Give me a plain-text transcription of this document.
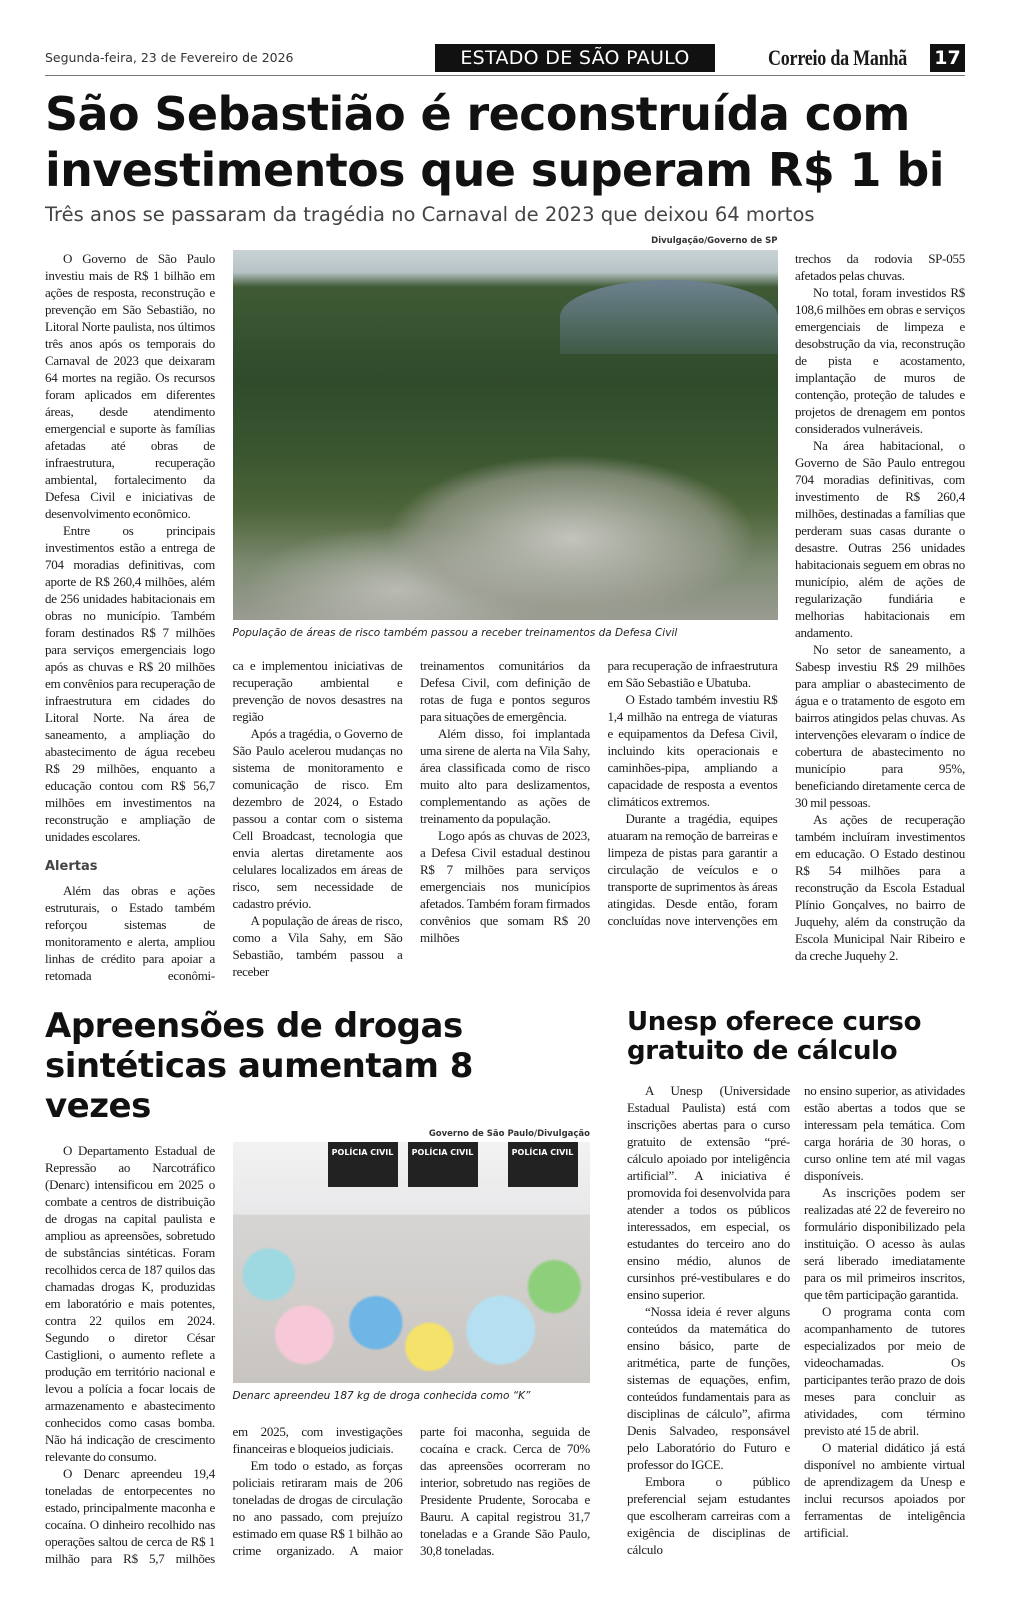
Segunda-feira, 23 de Fevereiro de 2026	ESTADO DE SÃO PAULO	Correio da Manhã 17
São Sebastião é reconstruída com investimentos que superam R$ 1 bi
Três anos se passaram da tragédia no Carnaval de 2023 que deixou 64 mortos

O Governo de São Paulo investiu mais de R$ 1 bilhão em ações de resposta, reconstrução e prevenção em São Sebastião, no Litoral Norte paulista, nos últimos três anos após os temporais do Carnaval de 2023 que deixaram 64 mortes na região. Os recursos foram aplicados em diferentes áreas, desde atendimento emergencial e suporte às famílias afetadas até obras de infraestrutura, recuperação ambiental, fortalecimento da Defesa Civil e iniciativas de desenvolvimento econômico.

Entre os principais investimentos estão a entrega de 704 moradias definitivas, com aporte de R$ 260,4 milhões, além de 256 unidades habitacionais em obras no município. Também foram destinados R$ 7 milhões para serviços emergenciais logo após as chuvas e R$ 20 milhões em convênios para recuperação de infraestrutura em cidades do Litoral Norte. Na área de saneamento, a ampliação do abastecimento de água recebeu R$ 29 milhões, enquanto a educação contou com R$ 56,7 milhões em investimentos na reconstrução e ampliação de unidades escolares.

Alertas

Além das obras e ações estruturais, o Estado também reforçou sistemas de monitoramento e alerta, ampliou linhas de crédito para apoiar a retomada econômi-

Divulgação/Governo de SP
População de áreas de risco também passou a receber treinamentos da Defesa Civil

ca e implementou iniciativas de recuperação ambiental e prevenção de novos desastres na região

Após a tragédia, o Governo de São Paulo acelerou mudanças no sistema de monitoramento e comunicação de risco. Em dezembro de 2024, o Estado passou a contar com o sistema Cell Broadcast, tecnologia que envia alertas diretamente aos celulares localizados em áreas de risco, sem necessidade de cadastro prévio.

A população de áreas de risco, como a Vila Sahy, em São Sebastião, também passou a receber

treinamentos comunitários da Defesa Civil, com definição de rotas de fuga e pontos seguros para situações de emergência.

Além disso, foi implantada uma sirene de alerta na Vila Sahy, área classificada como de risco muito alto para deslizamentos, complementando as ações de treinamento da população.

Logo após as chuvas de 2023, a Defesa Civil estadual destinou R$ 7 milhões para serviços emergenciais nos municípios afetados. Também foram firmados convênios que somam R$ 20 milhões

para recuperação de infraestrutura em São Sebastião e Ubatuba.

O Estado também investiu R$ 1,4 milhão na entrega de viaturas e equipamentos da Defesa Civil, incluindo kits operacionais e caminhões-pipa, ampliando a capacidade de resposta a eventos climáticos extremos.

Durante a tragédia, equipes atuaram na remoção de barreiras e limpeza de pistas para garantir a circulação de veículos e o transporte de suprimentos às áreas atingidas. Desde então, foram concluídas nove intervenções em

trechos da rodovia SP-055 afetados pelas chuvas.

No total, foram investidos R$ 108,6 milhões em obras e serviços emergenciais de limpeza e desobstrução da via, reconstrução de pista e acostamento, implantação de muros de contenção, proteção de taludes e projetos de drenagem em pontos considerados vulneráveis.

Na área habitacional, o Governo de São Paulo entregou 704 moradias definitivas, com investimento de R$ 260,4 milhões, destinadas a famílias que perderam suas casas durante o desastre. Outras 256 unidades habitacionais seguem em obras no município, além de ações de regularização fundiária e melhorias habitacionais em andamento.

No setor de saneamento, a Sabesp investiu R$ 29 milhões para ampliar o abastecimento de água e o tratamento de esgoto em bairros atingidos pelas chuvas. As intervenções elevaram o índice de cobertura de abastecimento no município para 95%, beneficiando diretamente cerca de 30 mil pessoas.

As ações de recuperação também incluíram investimentos em educação. O Estado destinou R$ 54 milhões para a reconstrução da Escola Estadual Plínio Gonçalves, no bairro de Juquehy, além da construção da Escola Municipal Nair Ribeiro e da creche Juquehy 2.

Apreensões de drogas sintéticas aumentam 8 vezes

O Departamento Estadual de Repressão ao Narcotráfico (Denarc) intensificou em 2025 o combate a centros de distribuição de drogas na capital paulista e ampliou as apreensões, sobretudo de substâncias sintéticas. Foram recolhidos cerca de 187 quilos das chamadas drogas K, produzidas em laboratório e mais potentes, contra 22 quilos em 2024. Segundo o diretor César Castiglioni, o aumento reflete a produção em território nacional e levou a polícia a focar locais de armazenamento e abastecimento conhecidos como casas bomba. Não há indicação de crescimento relevante do consumo.

O Denarc apreendeu 19,4 toneladas de entorpecentes no estado, principalmente maconha e cocaína. O dinheiro recolhido nas operações saltou de cerca de R$ 1 milhão para R$ 5,7 milhões

Governo de São Paulo/Divulgação
POLÍCIA CIVIL	POLÍCIA CIVIL	POLÍCIA CIVIL
Denarc apreendeu 187 kg de droga conhecida como “K”

em 2025, com investigações financeiras e bloqueios judiciais.

Em todo o estado, as forças policiais retiraram mais de 206 toneladas de drogas de circulação no ano passado, com prejuízo estimado em quase R$ 1 bilhão ao crime organizado. A maior

parte foi maconha, seguida de cocaína e crack. Cerca de 70% das apreensões ocorreram no interior, sobretudo nas regiões de Presidente Prudente, Sorocaba e Bauru. A capital registrou 31,7 toneladas e a Grande São Paulo, 30,8 toneladas.

Unesp oferece curso gratuito de cálculo

A Unesp (Universidade Estadual Paulista) está com inscrições abertas para o curso gratuito de extensão “pré-cálculo apoiado por inteligência artificial”. A iniciativa é promovida foi desenvolvida para atender a todos os públicos interessados, em especial, os estudantes do terceiro ano do ensino médio, alunos de cursinhos pré-vestibulares e do ensino superior.

“Nossa ideia é rever alguns conteúdos da matemática do ensino básico, parte de aritmética, parte de funções, sistemas de equações, enfim, conteúdos fundamentais para as disciplinas de cálculo”, afirma Denis Salvadeo, responsável pelo Laboratório do Futuro e professor do IGCE.

Embora o público preferencial sejam estudantes que escolheram carreiras com a exigência de disciplinas de cálculo

no ensino superior, as atividades estão abertas a todos que se interessam pela temática. Com carga horária de 30 horas, o curso online tem até mil vagas disponíveis.

As inscrições podem ser realizadas até 22 de fevereiro no formulário disponibilizado pela instituição. O acesso às aulas será liberado imediatamente para os mil primeiros inscritos, que têm participação garantida.

O programa conta com acompanhamento de tutores especializados por meio de videochamadas. Os participantes terão prazo de dois meses para concluir as atividades, com término previsto até 15 de abril.

O material didático já está disponível no ambiente virtual de aprendizagem da Unesp e inclui recursos apoiados por ferramentas de inteligência artificial.
